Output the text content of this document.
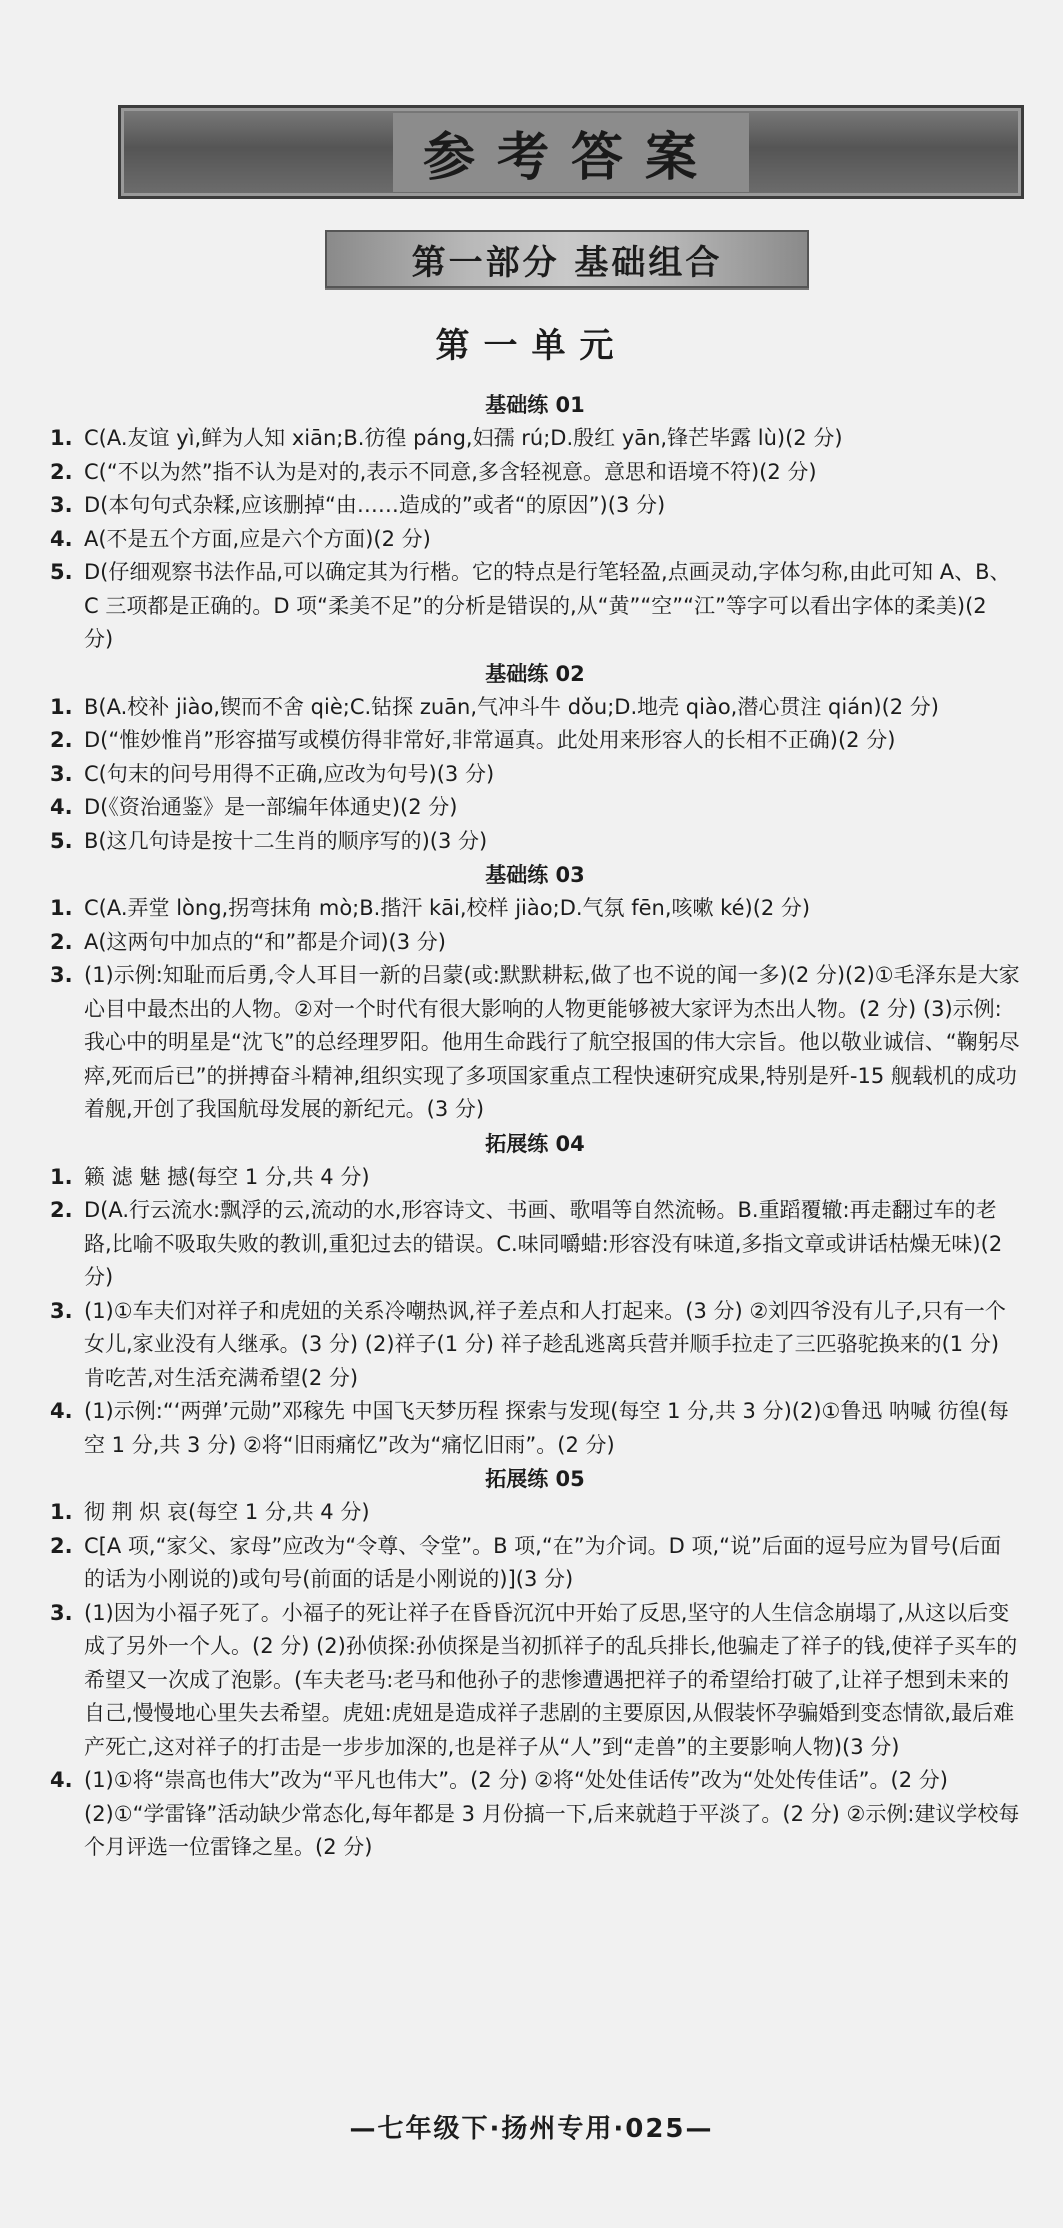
参考答案
第一部分 基础组合
第一单元
基础练 01
1. C(A.友谊 yì,鲜为人知 xiān;B.彷徨 páng,妇孺 rú;D.殷红 yān,锋芒毕露 lù)(2 分)
2. C(“不以为然”指不认为是对的,表示不同意,多含轻视意。意思和语境不符)(2 分)
3. D(本句句式杂糅,应该删掉“由……造成的”或者“的原因”)(3 分)
4. A(不是五个方面,应是六个方面)(2 分)
5. D(仔细观察书法作品,可以确定其为行楷。它的特点是行笔轻盈,点画灵动,字体匀称,由此可知 A、B、C 三项都是正确的。D 项“柔美不足”的分析是错误的,从“黄”“空”“江”等字可以看出字体的柔美)(2 分)
基础练 02
1. B(A.校补 jiào,锲而不舍 qiè;C.钻探 zuān,气冲斗牛 dǒu;D.地壳 qiào,潜心贯注 qián)(2 分)
2. D(“惟妙惟肖”形容描写或模仿得非常好,非常逼真。此处用来形容人的长相不正确)(2 分)
3. C(句末的问号用得不正确,应改为句号)(3 分)
4. D(《资治通鉴》是一部编年体通史)(2 分)
5. B(这几句诗是按十二生肖的顺序写的)(3 分)
基础练 03
1. C(A.弄堂 lòng,拐弯抹角 mò;B.揩汗 kāi,校样 jiào;D.气氛 fēn,咳嗽 ké)(2 分)
2. A(这两句中加点的“和”都是介词)(3 分)
3. (1)示例:知耻而后勇,令人耳目一新的吕蒙(或:默默耕耘,做了也不说的闻一多)(2 分)(2)①毛泽东是大家心目中最杰出的人物。②对一个时代有很大影响的人物更能够被大家评为杰出人物。(2 分) (3)示例:我心中的明星是“沈飞”的总经理罗阳。他用生命践行了航空报国的伟大宗旨。他以敬业诚信、“鞠躬尽瘁,死而后已”的拼搏奋斗精神,组织实现了多项国家重点工程快速研究成果,特别是歼-15 舰载机的成功着舰,开创了我国航母发展的新纪元。(3 分)
拓展练 04
1. 籁 滤 魅 撼(每空 1 分,共 4 分)
2. D(A.行云流水:飘浮的云,流动的水,形容诗文、书画、歌唱等自然流畅。B.重蹈覆辙:再走翻过车的老路,比喻不吸取失败的教训,重犯过去的错误。C.味同嚼蜡:形容没有味道,多指文章或讲话枯燥无味)(2 分)
3. (1)①车夫们对祥子和虎妞的关系冷嘲热讽,祥子差点和人打起来。(3 分) ②刘四爷没有儿子,只有一个女儿,家业没有人继承。(3 分) (2)祥子(1 分) 祥子趁乱逃离兵营并顺手拉走了三匹骆驼换来的(1 分) 肯吃苦,对生活充满希望(2 分)
4. (1)示例:“‘两弹’元勋”邓稼先 中国飞天梦历程 探索与发现(每空 1 分,共 3 分)(2)①鲁迅 呐喊 彷徨(每空 1 分,共 3 分) ②将“旧雨痛忆”改为“痛忆旧雨”。(2 分)
拓展练 05
1. 彻 荆 炽 哀(每空 1 分,共 4 分)
2. C[A 项,“家父、家母”应改为“令尊、令堂”。B 项,“在”为介词。D 项,“说”后面的逗号应为冒号(后面的话为小刚说的)或句号(前面的话是小刚说的)](3 分)
3. (1)因为小福子死了。小福子的死让祥子在昏昏沉沉中开始了反思,坚守的人生信念崩塌了,从这以后变成了另外一个人。(2 分) (2)孙侦探:孙侦探是当初抓祥子的乱兵排长,他骗走了祥子的钱,使祥子买车的希望又一次成了泡影。(车夫老马:老马和他孙子的悲惨遭遇把祥子的希望给打破了,让祥子想到未来的自己,慢慢地心里失去希望。虎妞:虎妞是造成祥子悲剧的主要原因,从假装怀孕骗婚到变态情欲,最后难产死亡,这对祥子的打击是一步步加深的,也是祥子从“人”到“走兽”的主要影响人物)(3 分)
4. (1)①将“崇高也伟大”改为“平凡也伟大”。(2 分) ②将“处处佳话传”改为“处处传佳话”。(2 分) (2)①“学雷锋”活动缺少常态化,每年都是 3 月份搞一下,后来就趋于平淡了。(2 分) ②示例:建议学校每个月评选一位雷锋之星。(2 分)
—七年级下·扬州专用·025—
